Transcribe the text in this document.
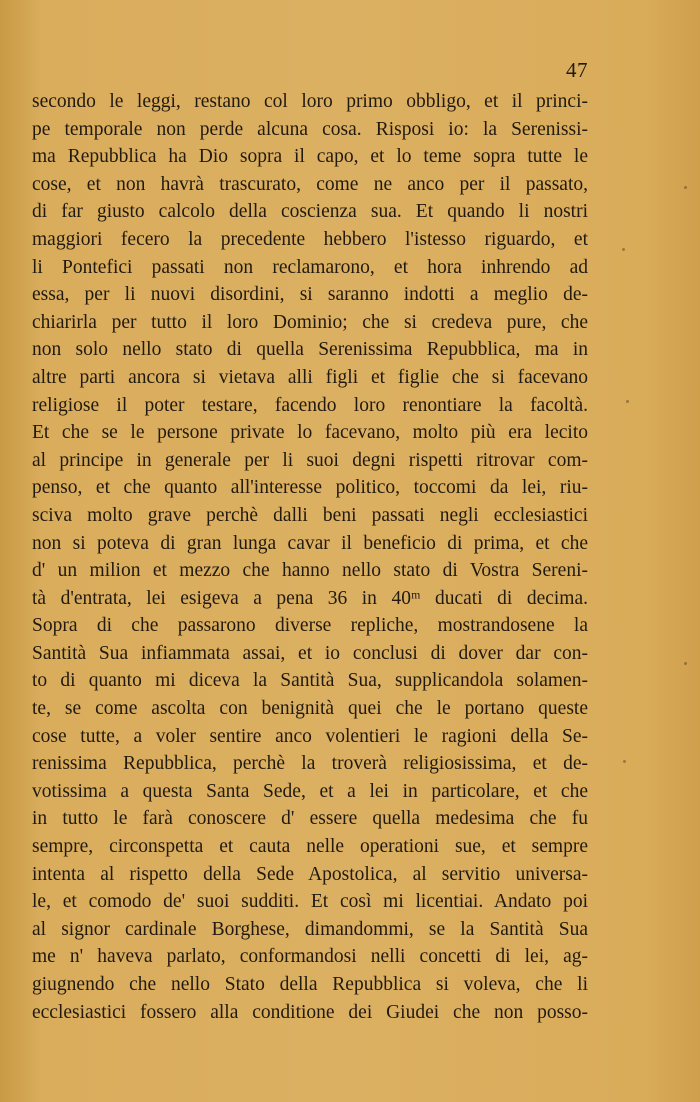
47
secondo le leggi, restano col loro primo obbligo, et il princi-
pe temporale non perde alcuna cosa. Risposi io: la Serenissi-
ma Repubblica ha Dio sopra il capo, et lo teme sopra tutte le
cose, et non havrà trascurato, come ne anco per il passato,
di far giusto calcolo della coscienza sua. Et quando li nostri
maggiori fecero la precedente hebbero l'istesso riguardo, et
li Pontefici passati non reclamarono, et hora inhrendo ad
essa, per li nuovi disordini, si saranno indotti a meglio de-
chiarirla per tutto il loro Dominio; che si credeva pure, che
non solo nello stato di quella Serenissima Repubblica, ma in
altre parti ancora si vietava alli figli et figlie che si facevano
religiose il poter testare, facendo loro renontiare la facoltà.
Et che se le persone private lo facevano, molto più era lecito
al principe in generale per li suoi degni rispetti ritrovar com-
penso, et che quanto all'interesse politico, toccomi da lei, riu-
sciva molto grave perchè dalli beni passati negli ecclesiastici
non si poteva di gran lunga cavar il beneficio di prima, et che
d' un milion et mezzo che hanno nello stato di Vostra Sereni-
tà d'entrata, lei esigeva a pena 36 in 40ᵐ ducati di decima.
Sopra di che passarono diverse repliche, mostrandosene la
Santità Sua infiammata assai, et io conclusi di dover dar con-
to di quanto mi diceva la Santità Sua, supplicandola solamen-
te, se come ascolta con benignità quei che le portano queste
cose tutte, a voler sentire anco volentieri le ragioni della Se-
renissima Repubblica, perchè la troverà religiosissima, et de-
votissima a questa Santa Sede, et a lei in particolare, et che
in tutto le farà conoscere d' essere quella medesima che fu
sempre, circonspetta et cauta nelle operationi sue, et sempre
intenta al rispetto della Sede Apostolica, al servitio universa-
le, et comodo de' suoi sudditi. Et così mi licentiai. Andato poi
al signor cardinale Borghese, dimandommi, se la Santità Sua
me n' haveva parlato, conformandosi nelli concetti di lei, ag-
giugnendo che nello Stato della Repubblica si voleva, che li
ecclesiastici fossero alla conditione dei Giudei che non posso-
